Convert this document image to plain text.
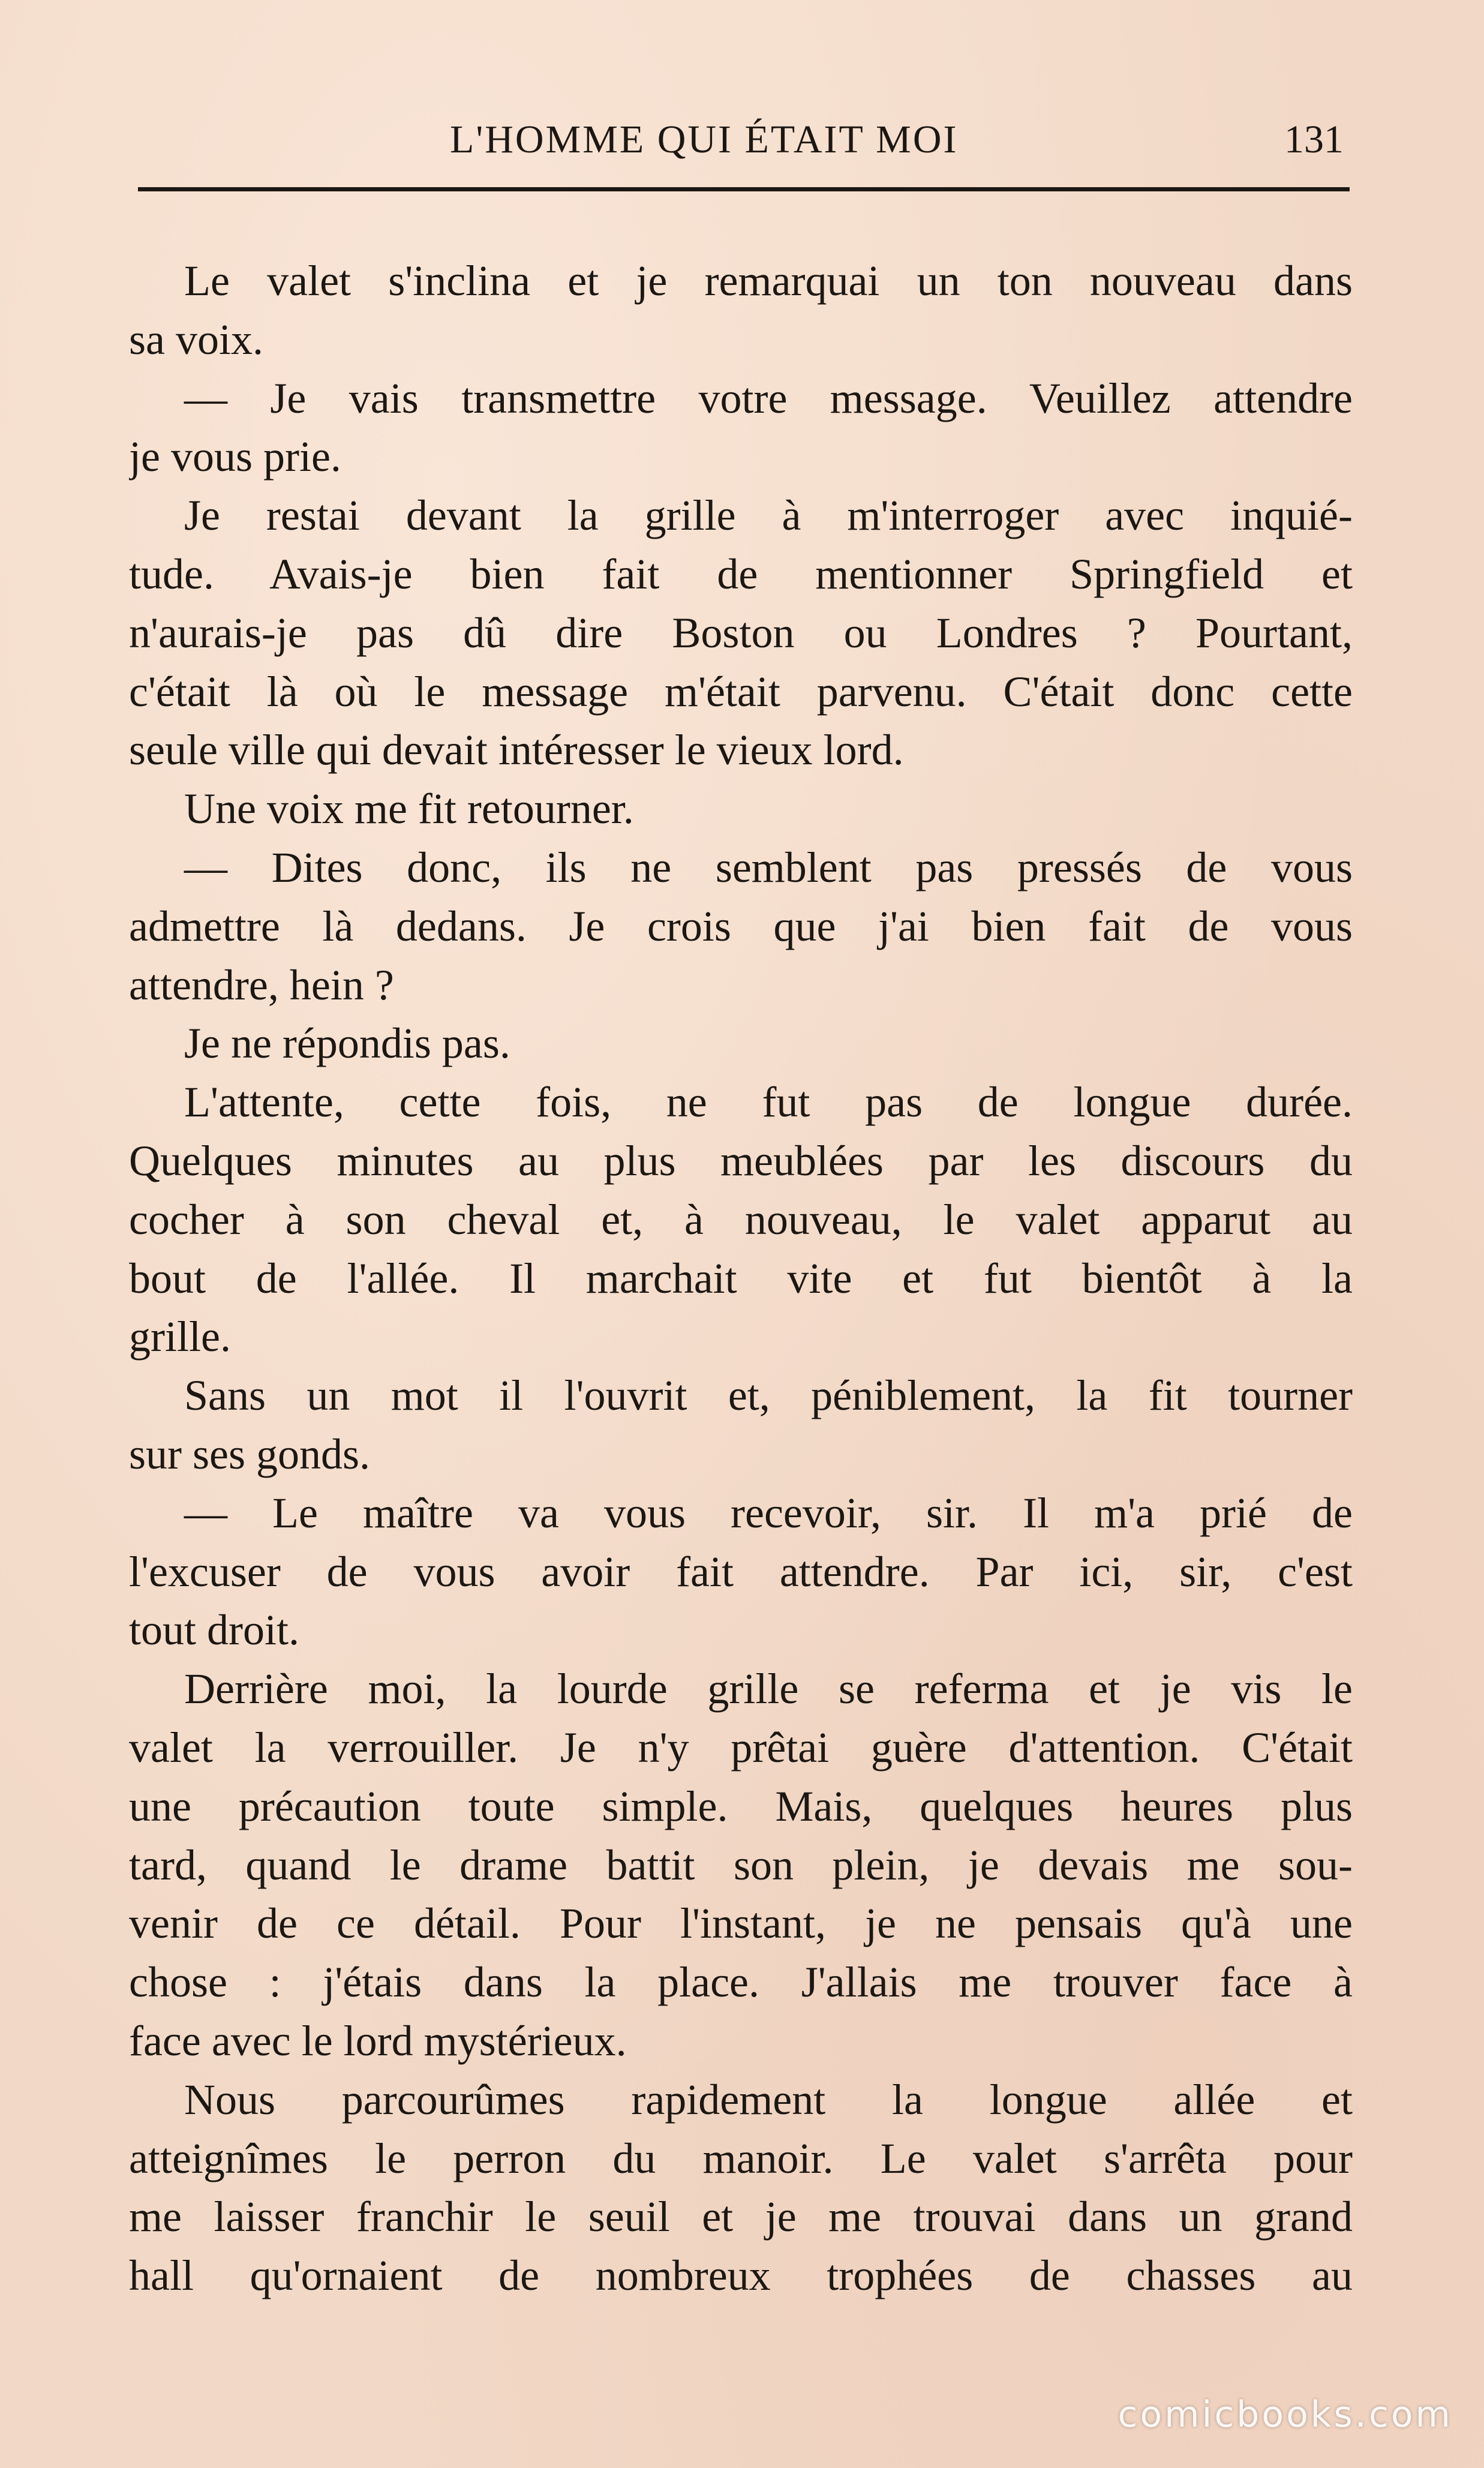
L'HOMME QUI ÉTAIT MOI	131
Le valet s'inclina et je remarquai un ton nouveau dans
sa voix.
— Je vais transmettre votre message. Veuillez attendre
je vous prie.
Je restai devant la grille à m'interroger avec inquié-
tude. Avais-je bien fait de mentionner Springfield et
n'aurais-je pas dû dire Boston ou Londres ? Pourtant,
c'était là où le message m'était parvenu. C'était donc cette
seule ville qui devait intéresser le vieux lord.
Une voix me fit retourner.
— Dites donc, ils ne semblent pas pressés de vous
admettre là dedans. Je crois que j'ai bien fait de vous
attendre, hein ?
Je ne répondis pas.
L'attente, cette fois, ne fut pas de longue durée.
Quelques minutes au plus meublées par les discours du
cocher à son cheval et, à nouveau, le valet apparut au
bout de l'allée. Il marchait vite et fut bientôt à la
grille.
Sans un mot il l'ouvrit et, péniblement, la fit tourner
sur ses gonds.
— Le maître va vous recevoir, sir. Il m'a prié de
l'excuser de vous avoir fait attendre. Par ici, sir, c'est
tout droit.
Derrière moi, la lourde grille se referma et je vis le
valet la verrouiller. Je n'y prêtai guère d'attention. C'était
une précaution toute simple. Mais, quelques heures plus
tard, quand le drame battit son plein, je devais me sou-
venir de ce détail. Pour l'instant, je ne pensais qu'à une
chose : j'étais dans la place. J'allais me trouver face à
face avec le lord mystérieux.
Nous parcourûmes rapidement la longue allée et
atteignîmes le perron du manoir. Le valet s'arrêta pour
me laisser franchir le seuil et je me trouvai dans un grand
hall qu'ornaient de nombreux trophées de chasses au
comicbooks.com
